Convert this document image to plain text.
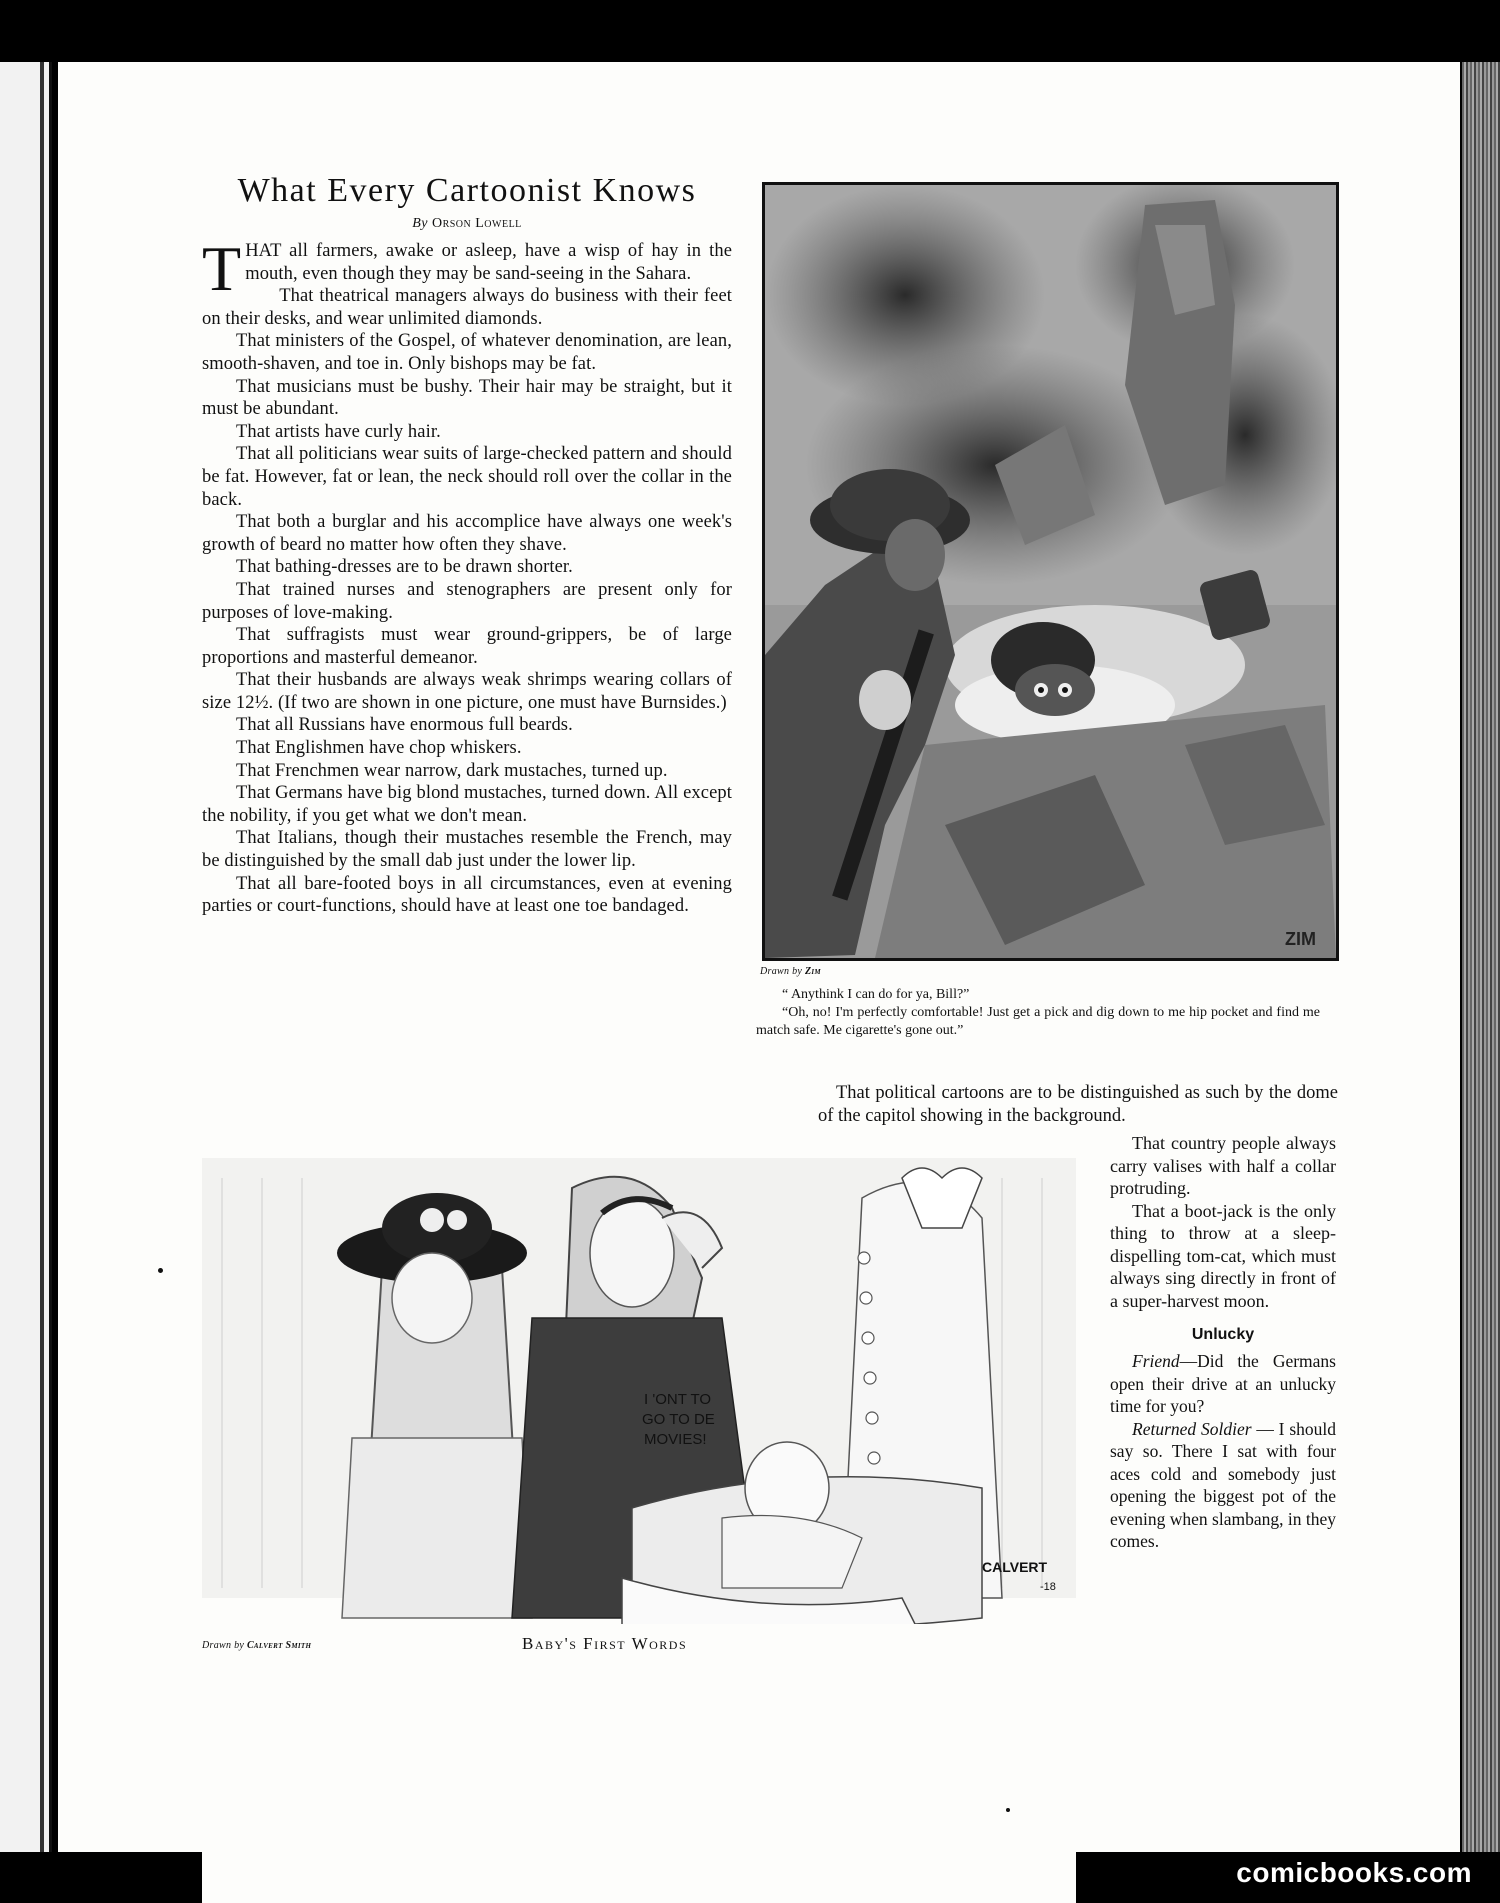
What Every Cartoonist Knows
By Orson Lowell

THAT all farmers, awake or asleep, have a wisp of hay in the mouth, even though they may be sand-seeing in the Sahara.

That theatrical managers always do business with their feet on their desks, and wear unlimited diamonds.

That ministers of the Gospel, of whatever denomination, are lean, smooth-shaven, and toe in. Only bishops may be fat.

That musicians must be bushy. Their hair may be straight, but it must be abundant.

That artists have curly hair.

That all politicians wear suits of large-checked pattern and should be fat. However, fat or lean, the neck should roll over the collar in the back.

That both a burglar and his accomplice have always one week's growth of beard no matter how often they shave.

That bathing-dresses are to be drawn shorter.

That trained nurses and stenographers are present only for purposes of love-making.

That suffragists must wear ground-grippers, be of large proportions and masterful demeanor.

That their husbands are always weak shrimps wearing collars of size 12½. (If two are shown in one picture, one must have Burnsides.)

That all Russians have enormous full beards.

That Englishmen have chop whiskers.

That Frenchmen wear narrow, dark mustaches, turned up.

That Germans have big blond mustaches, turned down. All except the nobility, if you get what we don't mean.

That Italians, though their mustaches resemble the French, may be distinguished by the small dab just under the lower lip.

That all bare-footed boys in all circumstances, even at evening parties or court-functions, should have at least one toe bandaged.

ZIM
Drawn by Zim

“ Anythink I can do for ya, Bill?”

“Oh, no! I'm perfectly comfortable! Just get a pick and dig down to me hip pocket and find me match safe. Me cigarette's gone out.”

That political cartoons are to be distinguished as such by the dome of the capitol showing in the background.

I 'ONT TO
GO TO DE
MOVIES!
CALVERT
-18

That country people always carry valises with half a collar protruding.

That a boot-jack is the only thing to throw at a sleep-dispelling tom-cat, which must always sing directly in front of a super-harvest moon.

Unlucky

Friend—Did the Germans open their drive at an unlucky time for you?

Returned Soldier — I should say so. There I sat with four aces cold and somebody just opening the biggest pot of the evening when slambang, in they comes.

Drawn by Calvert Smith	Baby's First Words
comicbooks.com
